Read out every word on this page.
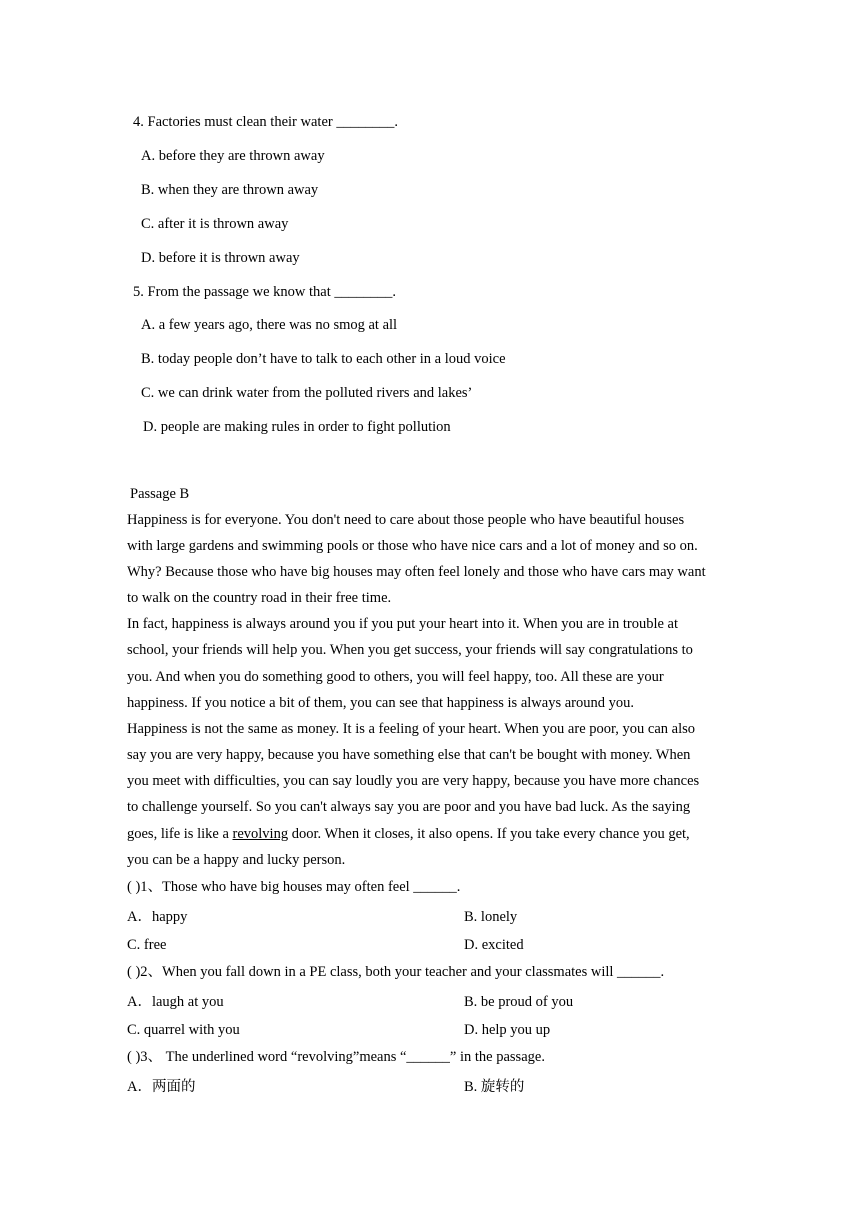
4. Factories must clean their water ________.
A. before they are thrown away
B. when they are thrown away
C. after it is thrown away
D. before it is thrown away
5. From the passage we know that ________.
A. a few years ago, there was no smog at all
B. today people don’t have to talk to each other in a loud voice
C. we can drink water from the polluted rivers and lakes’
D. people are making rules in order to fight pollution
Passage B
Happiness is for everyone. You don't need to care about those people who have beautiful houses
with large gardens and swimming pools or those who have nice cars and a lot of money and so on.
Why? Because those who have big houses may often feel lonely and those who have cars may want
to walk on the country road in their free time.
In fact, happiness is always around you if you put your heart into it. When you are in trouble at
school, your friends will help you. When you get success, your friends will say congratulations to
you. And when you do something good to others, you will feel happy, too. All these are your
happiness. If you notice a bit of them, you can see that happiness is always around you.
Happiness is not the same as money. It is a feeling of your heart. When you are poor, you can also
say you are very happy, because you have something else that can't be bought with money. When
you meet with difficulties, you can say loudly you are very happy, because you have more chances
to challenge yourself. So you can't always say you are poor and you have bad luck. As the saying
goes, life is like a revolving door. When it closes, it also opens. If you take every chance you get,
you can be a happy and lucky person.
( )1、Those who have big houses may often feel ______.
A．happy	B. lonely
C. free	D. excited
( )2、When you fall down in a PE class, both your teacher and your classmates will ______.
A．laugh at you	B. be proud of you
C. quarrel with you	D. help you up
( )3、 The underlined word “revolving”means “______” in the passage.
A．两面的	B. 旋转的
